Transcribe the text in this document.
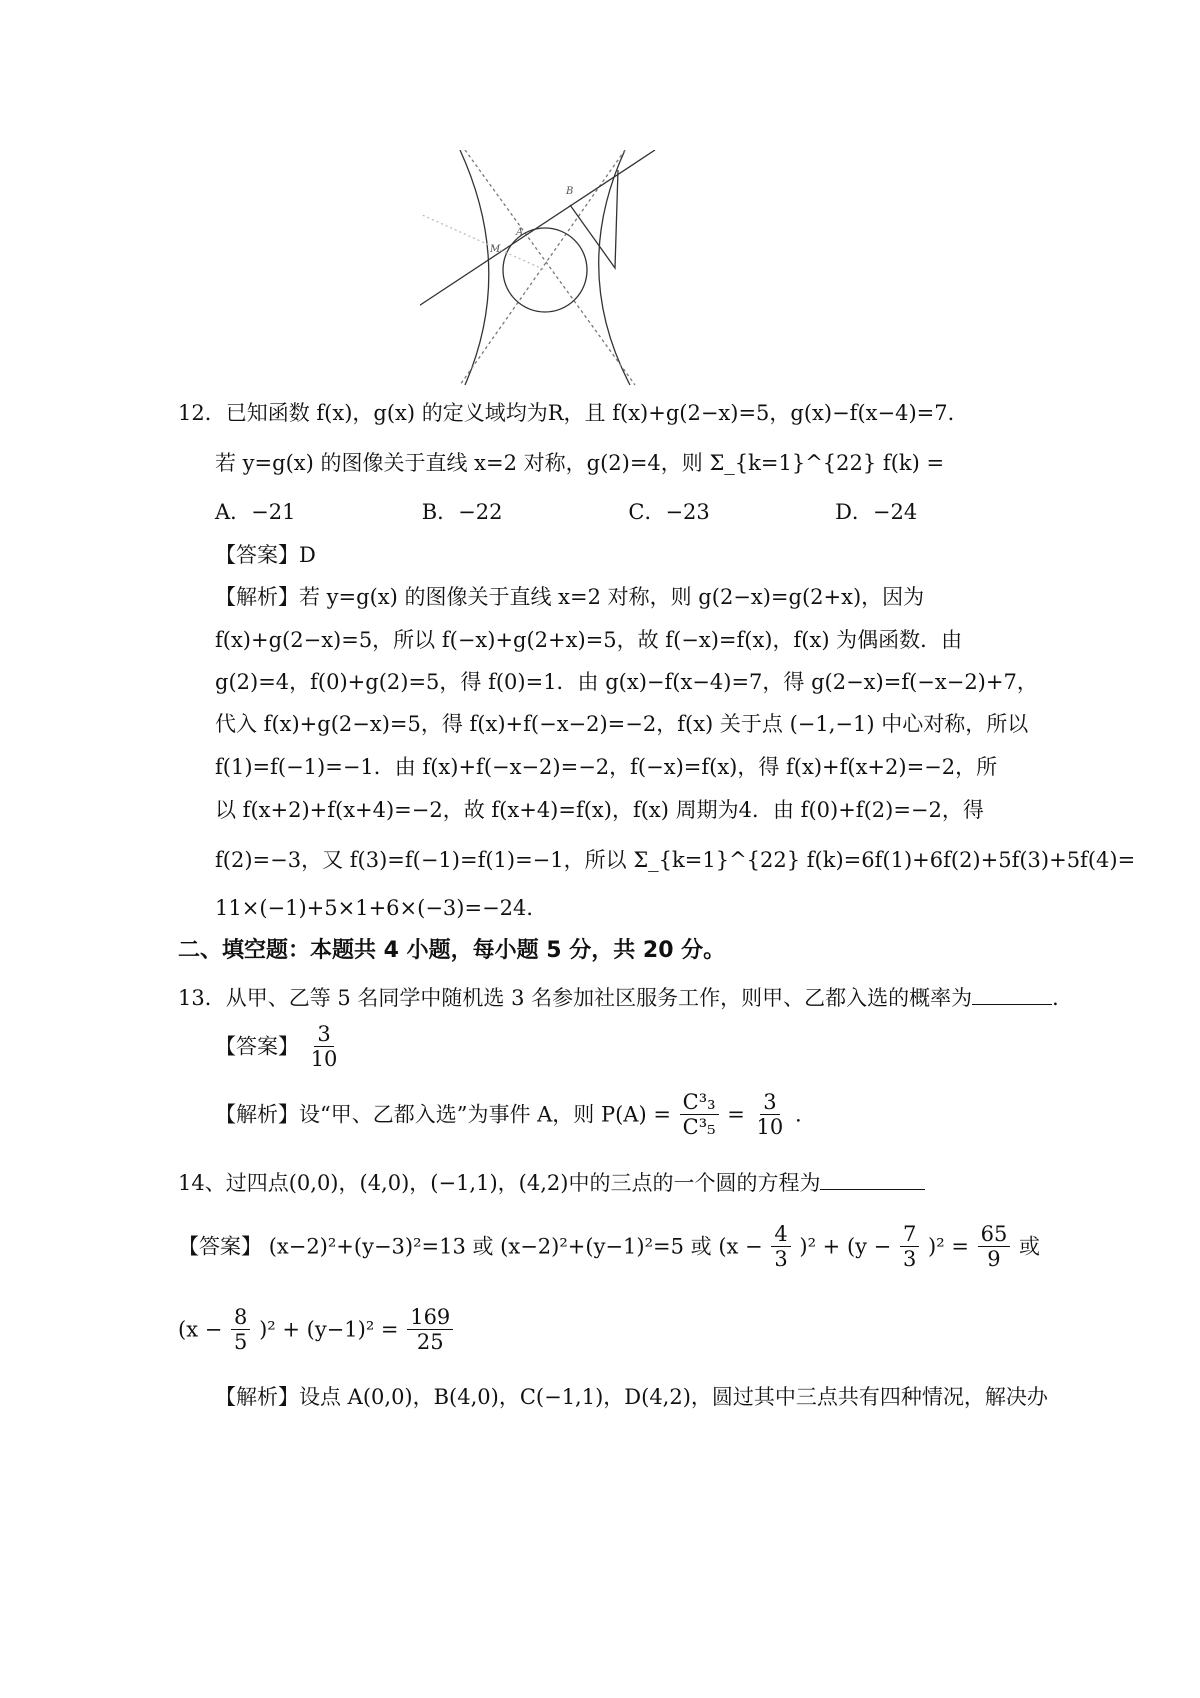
B
M
A
12．已知函数 f(x)，g(x) 的定义域均为R，且 f(x)+g(2−x)=5，g(x)−f(x−4)=7．
若 y=g(x) 的图像关于直线 x=2 对称，g(2)=4，则 Σ_{k=1}^{22} f(k) =
A．−21	B．−22	C．−23	D．−24
【答案】D
【解析】若 y=g(x) 的图像关于直线 x=2 对称，则 g(2−x)=g(2+x)，因为
f(x)+g(2−x)=5，所以 f(−x)+g(2+x)=5，故 f(−x)=f(x)，f(x) 为偶函数．由
g(2)=4，f(0)+g(2)=5，得 f(0)=1．由 g(x)−f(x−4)=7，得 g(2−x)=f(−x−2)+7，
代入 f(x)+g(2−x)=5，得 f(x)+f(−x−2)=−2，f(x) 关于点 (−1,−1) 中心对称，所以
f(1)=f(−1)=−1．由 f(x)+f(−x−2)=−2，f(−x)=f(x)，得 f(x)+f(x+2)=−2，所
以 f(x+2)+f(x+4)=−2，故 f(x+4)=f(x)，f(x) 周期为4．由 f(0)+f(2)=−2，得
f(2)=−3，又 f(3)=f(−1)=f(1)=−1，所以 Σ_{k=1}^{22} f(k)=6f(1)+6f(2)+5f(3)+5f(4)=
11×(−1)+5×1+6×(−3)=−24．
二、填空题：本题共 4 小题，每小题 5 分，共 20 分。
13．从甲、乙等 5 名同学中随机选 3 名参加社区服务工作，则甲、乙都入选的概率为	．
【答案】 $\frac{3}{10}$
【解析】设“甲、乙都入选”为事件 A，则 $P(A) = \frac{\text{C³₃}}{\text{C³₅}} = \frac{3}{10}$ .
14、过四点(0,0)，(4,0)，(−1,1)，(4,2)中的三点的一个圆的方程为
【答案】 (x−2)²+(y−3)²=13 或 (x−2)²+(y−1)²=5 或 $(x - \frac{4}{3} )^2 + (y - \frac{7}{3} )^2 = \frac{65}{9}$ 或
$(x - \frac{8}{5} )^2 + (y-1)^2 = \frac{169}{25}$
【解析】设点 A(0,0)，B(4,0)，C(−1,1)，D(4,2)，圆过其中三点共有四种情况，解决办
